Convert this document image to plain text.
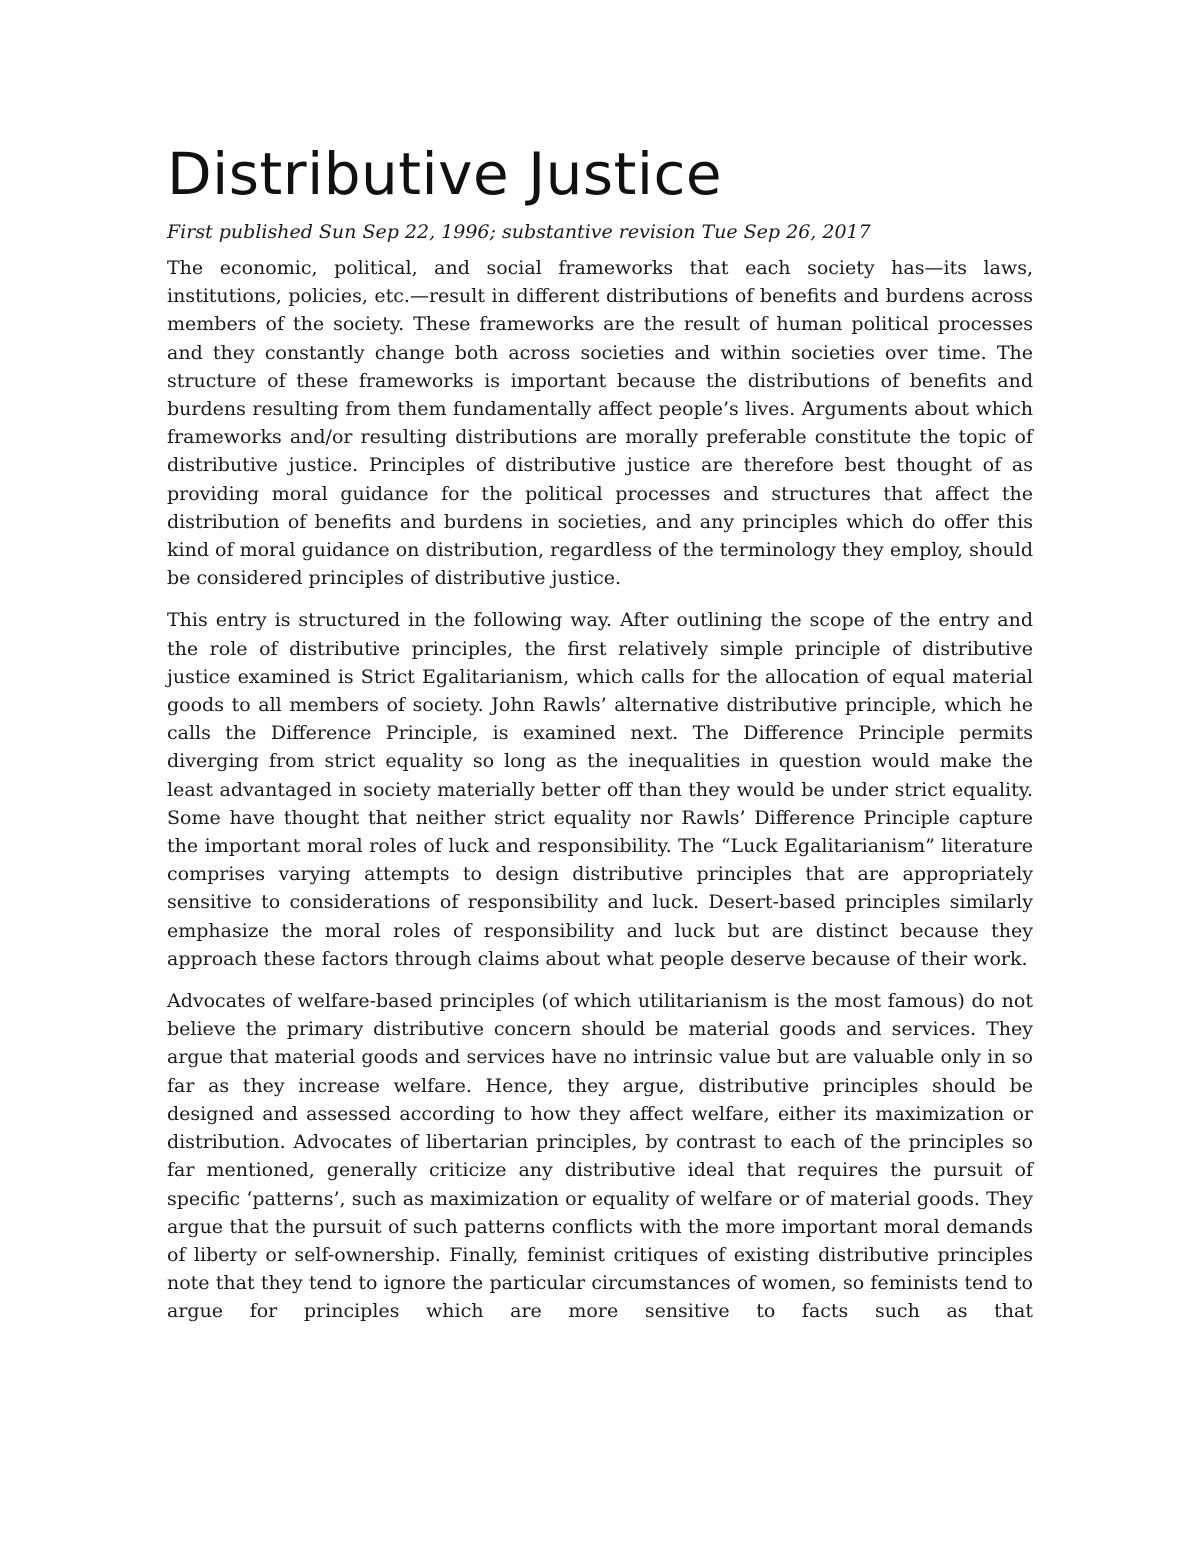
Distributive Justice

First published Sun Sep 22, 1996; substantive revision Tue Sep 26, 2017

The economic, political, and social frameworks that each society has—its laws, institutions, policies, etc.—result in different distributions of benefits and burdens across members of the society. These frameworks are the result of human political processes and they constantly change both across societies and within societies over time. The structure of these frameworks is important because the distributions of benefits and burdens resulting from them fundamentally affect people’s lives. Arguments about which frameworks and/or resulting distributions are morally preferable constitute the topic of distributive justice. Principles of distributive justice are therefore best thought of as providing moral guidance for the political processes and structures that affect the distribution of benefits and burdens in societies, and any principles which do offer this kind of moral guidance on distribution, regardless of the terminology they employ, should be considered principles of distributive justice.

This entry is structured in the following way. After outlining the scope of the entry and the role of distributive principles, the first relatively simple principle of distributive justice examined is Strict Egalitarianism, which calls for the allocation of equal material goods to all members of society. John Rawls’ alternative distributive principle, which he calls the Difference Principle, is examined next. The Difference Principle permits diverging from strict equality so long as the inequalities in question would make the least advantaged in society materially better off than they would be under strict equality. Some have thought that neither strict equality nor Rawls’ Difference Principle capture the important moral roles of luck and responsibility. The “Luck Egalitarianism” literature comprises varying attempts to design distributive principles that are appropriately sensitive to considerations of responsibility and luck. Desert-based principles similarly emphasize the moral roles of responsibility and luck but are distinct because they approach these factors through claims about what people deserve because of their work.

Advocates of welfare-based principles (of which utilitarianism is the most famous) do not believe the primary distributive concern should be material goods and services. They argue that material goods and services have no intrinsic value but are valuable only in so far as they increase welfare. Hence, they argue, distributive principles should be designed and assessed according to how they affect welfare, either its maximization or distribution. Advocates of libertarian principles, by contrast to each of the principles so far mentioned, generally criticize any distributive ideal that requires the pursuit of specific ‘patterns’, such as maximization or equality of welfare or of material goods. They argue that the pursuit of such patterns conflicts with the more important moral demands of liberty or self-ownership. Finally, feminist critiques of existing distributive principles note that they tend to ignore the particular circumstances of women, so feminists tend to argue for principles which are more sensitive to facts such as that
